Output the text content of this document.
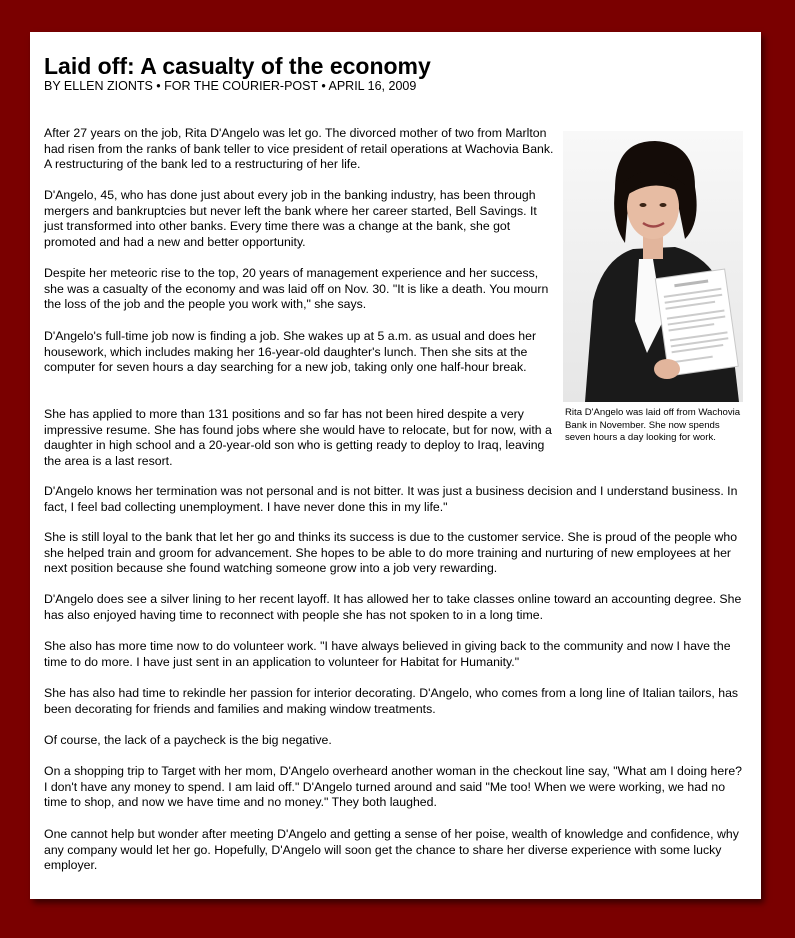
Laid off: A casualty of the economy
BY ELLEN ZIONTS • FOR THE COURIER-POST • APRIL 16, 2009

After 27 years on the job, Rita D'Angelo was let go. The divorced mother of two from Marlton had risen from the ranks of bank teller to vice president of retail operations at Wachovia Bank. A restructuring of the bank led to a restructuring of her life.

D'Angelo, 45, who has done just about every job in the banking industry, has been through mergers and bankruptcies but never left the bank where her career started, Bell Savings. It just transformed into other banks. Every time there was a change at the bank, she got promoted and had a new and better opportunity.

Despite her meteoric rise to the top, 20 years of management experience and her success, she was a casualty of the economy and was laid off on Nov. 30. "It is like a death. You mourn the loss of the job and the people you work with," she says.

D'Angelo's full-time job now is finding a job. She wakes up at 5 a.m. as usual and does her housework, which includes making her 16-year-old daughter's lunch. Then she sits at the computer for seven hours a day searching for a new job, taking only one half-hour break.

She has applied to more than 131 positions and so far has not been hired despite a very impressive resume. She has found jobs where she would have to relocate, but for now, with a daughter in high school and a 20-year-old son who is getting ready to deploy to Iraq, leaving the area is a last resort.

Rita D'Angelo was laid off from Wachovia Bank in November. She now spends seven hours a day looking for work.

D'Angelo knows her termination was not personal and is not bitter. It was just a business decision and I understand business. In fact, I feel bad collecting unemployment. I have never done this in my life."

She is still loyal to the bank that let her go and thinks its success is due to the customer service. She is proud of the people who she helped train and groom for advancement. She hopes to be able to do more training and nurturing of new employees at her next position because she found watching someone grow into a job very rewarding.

D'Angelo does see a silver lining to her recent layoff. It has allowed her to take classes online toward an accounting degree. She has also enjoyed having time to reconnect with people she has not spoken to in a long time.

She also has more time now to do volunteer work. "I have always believed in giving back to the community and now I have the time to do more. I have just sent in an application to volunteer for Habitat for Humanity."

She has also had time to rekindle her passion for interior decorating. D'Angelo, who comes from a long line of Italian tailors, has been decorating for friends and families and making window treatments.

Of course, the lack of a paycheck is the big negative.

On a shopping trip to Target with her mom, D'Angelo overheard another woman in the checkout line say, "What am I doing here? I don't have any money to spend. I am laid off." D'Angelo turned around and said "Me too! When we were working, we had no time to shop, and now we have time and no money." They both laughed.

One cannot help but wonder after meeting D'Angelo and getting a sense of her poise, wealth of knowledge and confidence, why any company would let her go. Hopefully, D'Angelo will soon get the chance to share her diverse experience with some lucky employer.
